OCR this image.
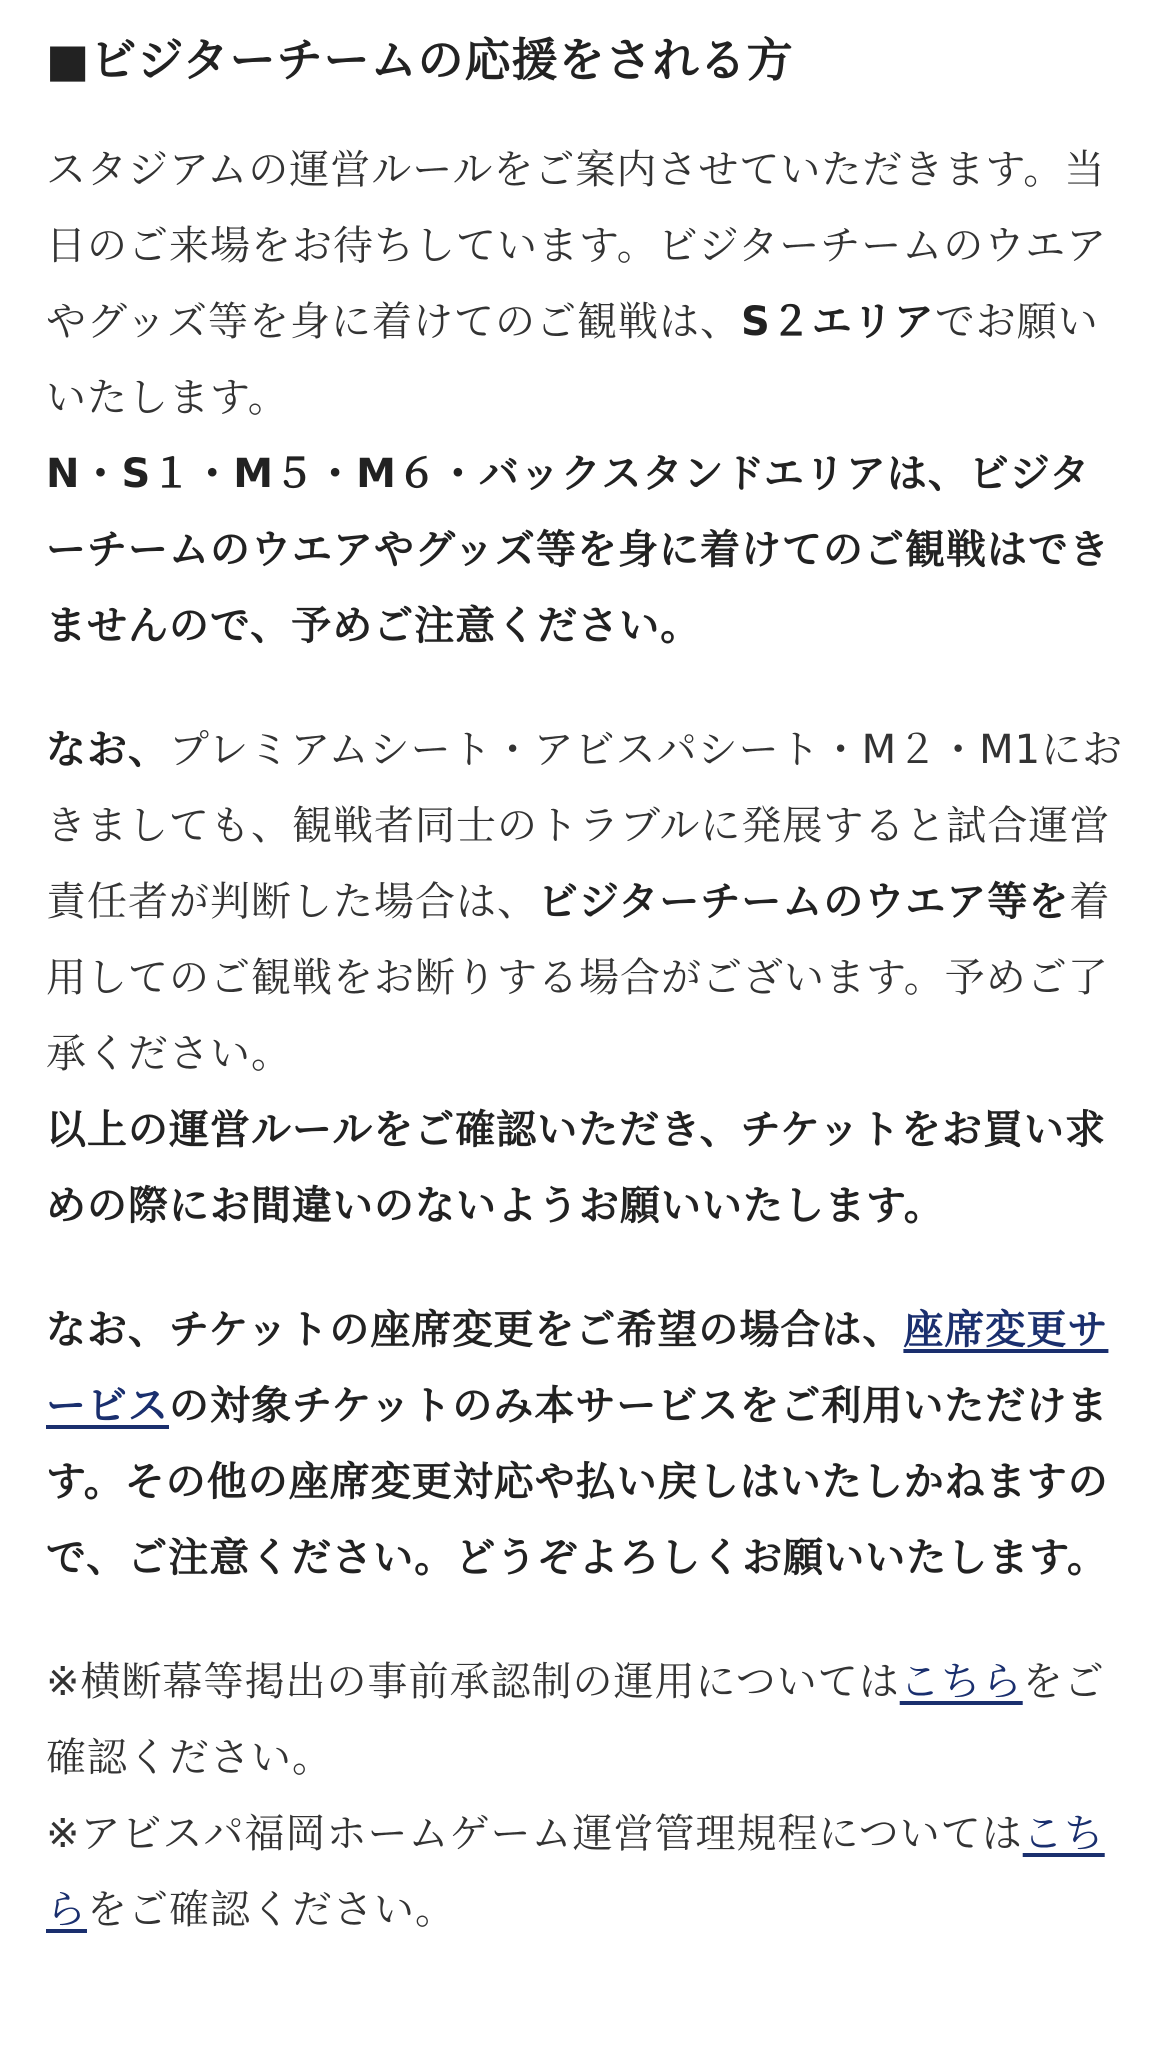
■ビジターチームの応援をされる方

スタジアムの運営ルールをご案内させていただきます。当日のご来場をお待ちしています。ビジターチームのウエアやグッズ等を身に着けてのご観戦は、S２エリアでお願いいたします。
N・S１・M５・M６・バックスタンドエリアは、ビジターチームのウエアやグッズ等を身に着けてのご観戦はできませんので、予めご注意ください。

なお、プレミアムシート・アビスパシート・M２・M1におきましても、観戦者同士のトラブルに発展すると試合運営責任者が判断した場合は、ビジターチームのウエア等を着用してのご観戦をお断りする場合がございます。予めご了承ください。
以上の運営ルールをご確認いただき、チケットをお買い求めの際にお間違いのないようお願いいたします。

なお、チケットの座席変更をご希望の場合は、座席変更サービスの対象チケットのみ本サービスをご利用いただけます。その他の座席変更対応や払い戻しはいたしかねますので、ご注意ください。どうぞよろしくお願いいたします。

※横断幕等掲出の事前承認制の運用についてはこちらをご確認ください。
※アビスパ福岡ホームゲーム運営管理規程についてはこちらをご確認ください。
